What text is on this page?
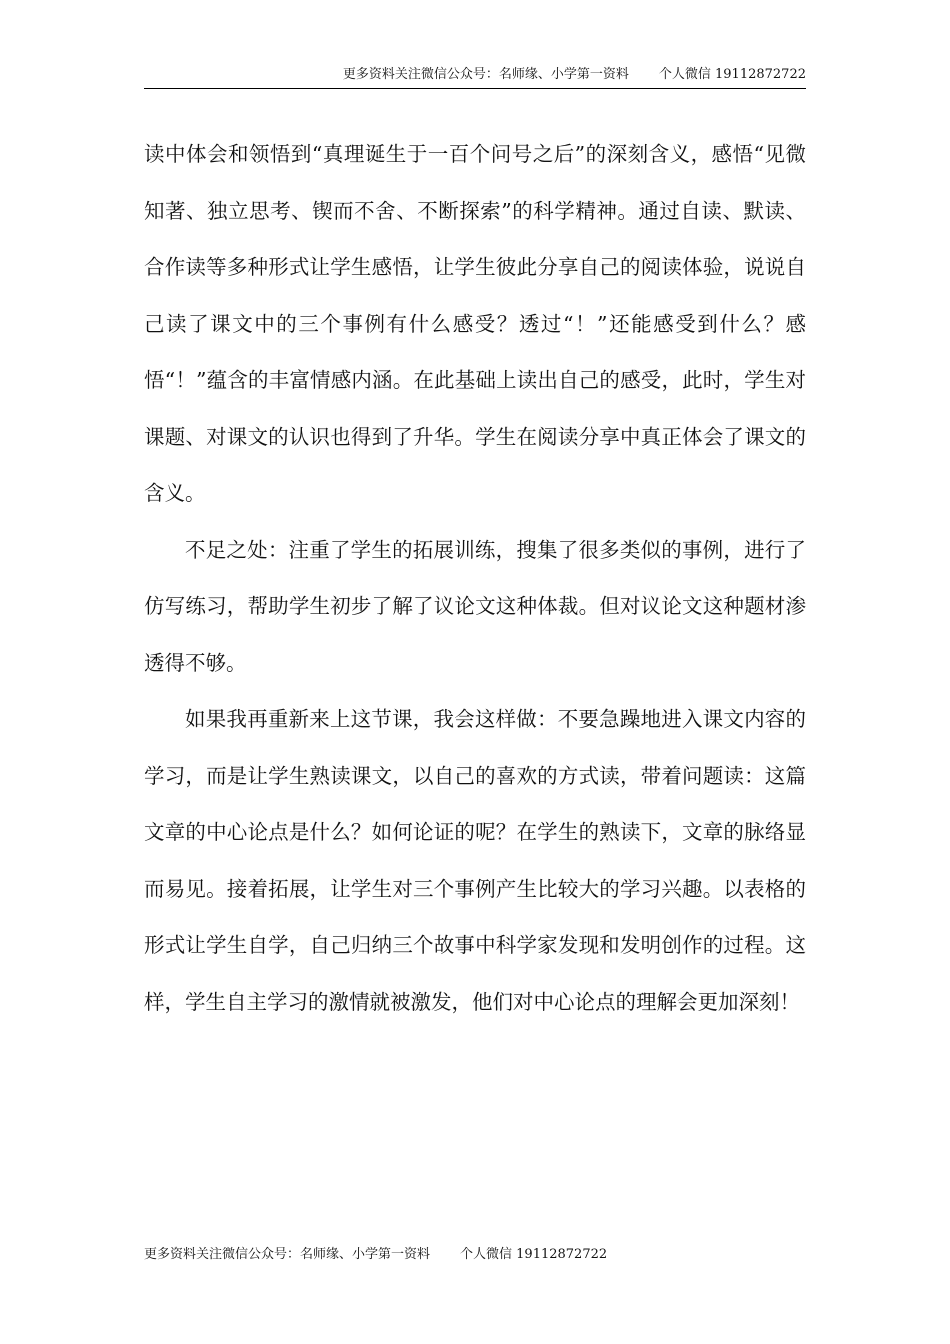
更多资料关注微信公众号：名师缘、小学第一资料 个人微信 19112872722

读中体会和领悟到“真理诞生于一百个问号之后”的深刻含义，感悟“见微知著、独立思考、锲而不舍、不断探索”的科学精神。通过自读、默读、合作读等多种形式让学生感悟，让学生彼此分享自己的阅读体验，说说自己读了课文中的三个事例有什么感受？透过“！”还能感受到什么？感悟“！”蕴含的丰富情感内涵。在此基础上读出自己的感受，此时，学生对课题、对课文的认识也得到了升华。学生在阅读分享中真正体会了课文的含义。

不足之处：注重了学生的拓展训练，搜集了很多类似的事例，进行了仿写练习，帮助学生初步了解了议论文这种体裁。但对议论文这种题材渗透得不够。

如果我再重新来上这节课，我会这样做：不要急躁地进入课文内容的学习，而是让学生熟读课文，以自己的喜欢的方式读，带着问题读：这篇文章的中心论点是什么？如何论证的呢？在学生的熟读下，文章的脉络显而易见。接着拓展，让学生对三个事例产生比较大的学习兴趣。以表格的形式让学生自学，自己归纳三个故事中科学家发现和发明创作的过程。这样，学生自主学习的激情就被激发，他们对中心论点的理解会更加深刻！

更多资料关注微信公众号：名师缘、小学第一资料 个人微信 19112872722
